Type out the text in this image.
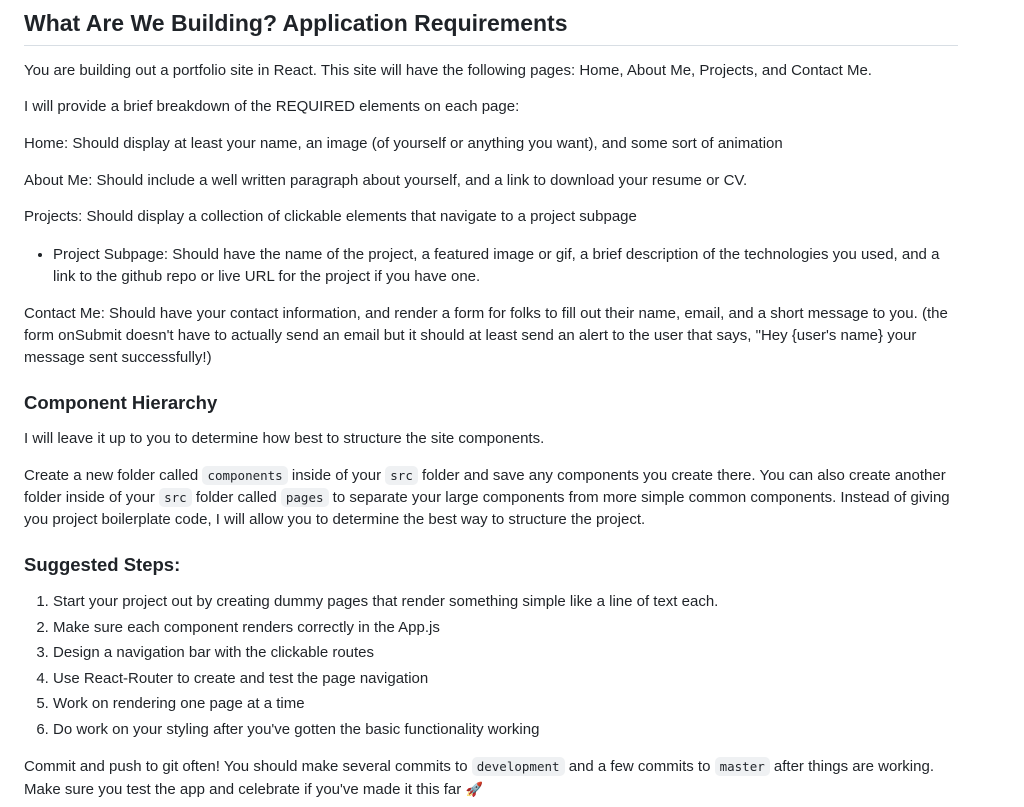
What Are We Building? Application Requirements

You are building out a portfolio site in React. This site will have the following pages: Home, About Me, Projects, and Contact Me.

I will provide a brief breakdown of the REQUIRED elements on each page:

Home: Should display at least your name, an image (of yourself or anything you want), and some sort of animation

About Me: Should include a well written paragraph about yourself, and a link to download your resume or CV.

Projects: Should display a collection of clickable elements that navigate to a project subpage

• Project Subpage: Should have the name of the project, a featured image or gif, a brief description of the technologies you used, and a link to the github repo or live URL for the project if you have one.

Contact Me: Should have your contact information, and render a form for folks to fill out their name, email, and a short message to you. (the form onSubmit doesn't have to actually send an email but it should at least send an alert to the user that says, "Hey {user's name} your message sent successfully!)

Component Hierarchy

I will leave it up to you to determine how best to structure the site components.

Create a new folder called components inside of your src folder and save any components you create there. You can also create another folder inside of your src folder called pages to separate your large components from more simple common components. Instead of giving you project boilerplate code, I will allow you to determine the best way to structure the project.

Suggested Steps:
1. Start your project out by creating dummy pages that render something simple like a line of text each.
2. Make sure each component renders correctly in the App.js
3. Design a navigation bar with the clickable routes
4. Use React-Router to create and test the page navigation
5. Work on rendering one page at a time
6. Do work on your styling after you've gotten the basic functionality working

Commit and push to git often! You should make several commits to development and a few commits to master after things are working. Make sure you test the app and celebrate if you've made it this far 🚀
